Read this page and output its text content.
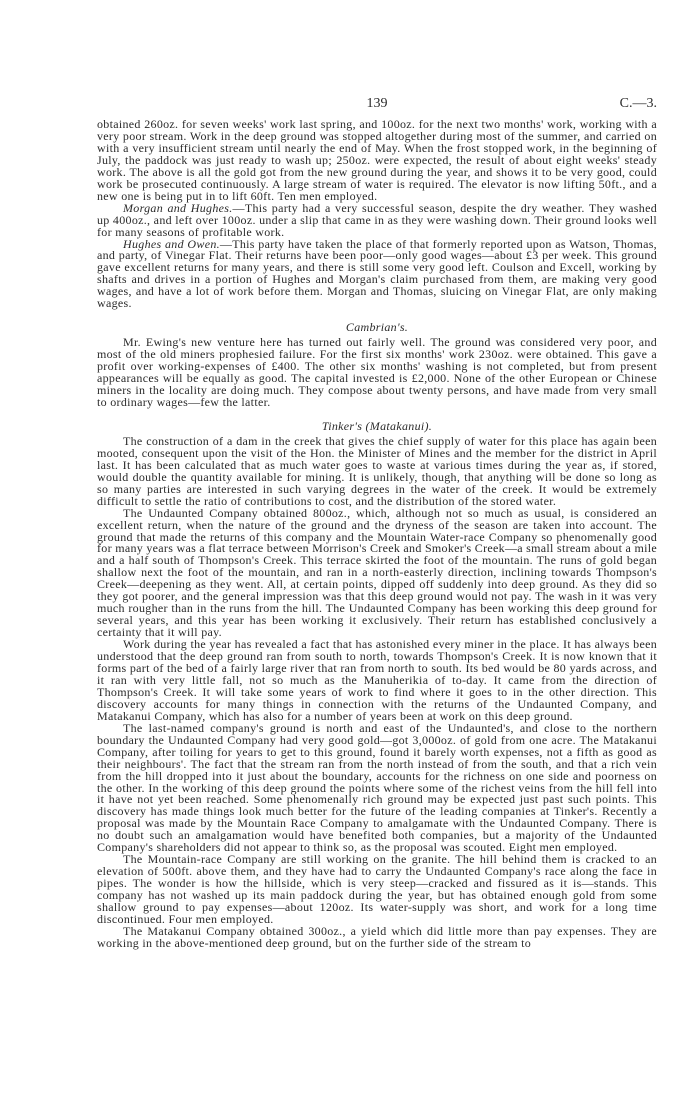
139	C.—3.

obtained 260oz. for seven weeks' work last spring, and 100oz. for the next two months' work, working with a very poor stream. Work in the deep ground was stopped altogether during most of the summer, and carried on with a very insufficient stream until nearly the end of May. When the frost stopped work, in the beginning of July, the paddock was just ready to wash up; 250oz. were expected, the result of about eight weeks' steady work. The above is all the gold got from the new ground during the year, and shows it to be very good, could work be prosecuted continuously. A large stream of water is required. The elevator is now lifting 50ft., and a new one is being put in to lift 60ft. Ten men employed.

Morgan and Hughes.—This party had a very successful season, despite the dry weather. They washed up 400oz., and left over 100oz. under a slip that came in as they were washing down. Their ground looks well for many seasons of profitable work.

Hughes and Owen.—This party have taken the place of that formerly reported upon as Watson, Thomas, and party, of Vinegar Flat. Their returns have been poor—only good wages—about £3 per week. This ground gave excellent returns for many years, and there is still some very good left. Coulson and Excell, working by shafts and drives in a portion of Hughes and Morgan's claim purchased from them, are making very good wages, and have a lot of work before them. Morgan and Thomas, sluicing on Vinegar Flat, are only making wages.

Cambrian's.

Mr. Ewing's new venture here has turned out fairly well. The ground was considered very poor, and most of the old miners prophesied failure. For the first six months' work 230oz. were obtained. This gave a profit over working-expenses of £400. The other six months' washing is not completed, but from present appearances will be equally as good. The capital invested is £2,000. None of the other European or Chinese miners in the locality are doing much. They compose about twenty persons, and have made from very small to ordinary wages—few the latter.

Tinker's (Matakanui).

The construction of a dam in the creek that gives the chief supply of water for this place has again been mooted, consequent upon the visit of the Hon. the Minister of Mines and the member for the district in April last. It has been calculated that as much water goes to waste at various times during the year as, if stored, would double the quantity available for mining. It is unlikely, though, that anything will be done so long as so many parties are interested in such varying degrees in the water of the creek. It would be extremely difficult to settle the ratio of contributions to cost, and the distribution of the stored water.

The Undaunted Company obtained 800oz., which, although not so much as usual, is considered an excellent return, when the nature of the ground and the dryness of the season are taken into account. The ground that made the returns of this company and the Mountain Water-race Company so phenomenally good for many years was a flat terrace between Morrison's Creek and Smoker's Creek—a small stream about a mile and a half south of Thompson's Creek. This terrace skirted the foot of the mountain. The runs of gold began shallow next the foot of the mountain, and ran in a north-easterly direction, inclining towards Thompson's Creek—deepening as they went. All, at certain points, dipped off suddenly into deep ground. As they did so they got poorer, and the general impression was that this deep ground would not pay. The wash in it was very much rougher than in the runs from the hill. The Undaunted Company has been working this deep ground for several years, and this year has been working it exclusively. Their return has established conclusively a certainty that it will pay.

Work during the year has revealed a fact that has astonished every miner in the place. It has always been understood that the deep ground ran from south to north, towards Thompson's Creek. It is now known that it forms part of the bed of a fairly large river that ran from north to south. Its bed would be 80 yards across, and it ran with very little fall, not so much as the Manuherikia of to-day. It came from the direction of Thompson's Creek. It will take some years of work to find where it goes to in the other direction. This discovery accounts for many things in connection with the returns of the Undaunted Company, and Matakanui Company, which has also for a number of years been at work on this deep ground.

The last-named company's ground is north and east of the Undaunted's, and close to the northern boundary the Undaunted Company had very good gold—got 3,000oz. of gold from one acre. The Matakanui Company, after toiling for years to get to this ground, found it barely worth expenses, not a fifth as good as their neighbours'. The fact that the stream ran from the north instead of from the south, and that a rich vein from the hill dropped into it just about the boundary, accounts for the richness on one side and poorness on the other. In the working of this deep ground the points where some of the richest veins from the hill fell into it have not yet been reached. Some phenomenally rich ground may be expected just past such points. This discovery has made things look much better for the future of the leading companies at Tinker's. Recently a proposal was made by the Mountain Race Company to amalgamate with the Undaunted Company. There is no doubt such an amalgamation would have benefited both companies, but a majority of the Undaunted Company's shareholders did not appear to think so, as the proposal was scouted. Eight men employed.

The Mountain-race Company are still working on the granite. The hill behind them is cracked to an elevation of 500ft. above them, and they have had to carry the Undaunted Company's race along the face in pipes. The wonder is how the hillside, which is very steep—cracked and fissured as it is—stands. This company has not washed up its main paddock during the year, but has obtained enough gold from some shallow ground to pay expenses—about 120oz. Its water-supply was short, and work for a long time discontinued. Four men employed.

The Matakanui Company obtained 300oz., a yield which did little more than pay expenses. They are working in the above-mentioned deep ground, but on the further side of the stream to
